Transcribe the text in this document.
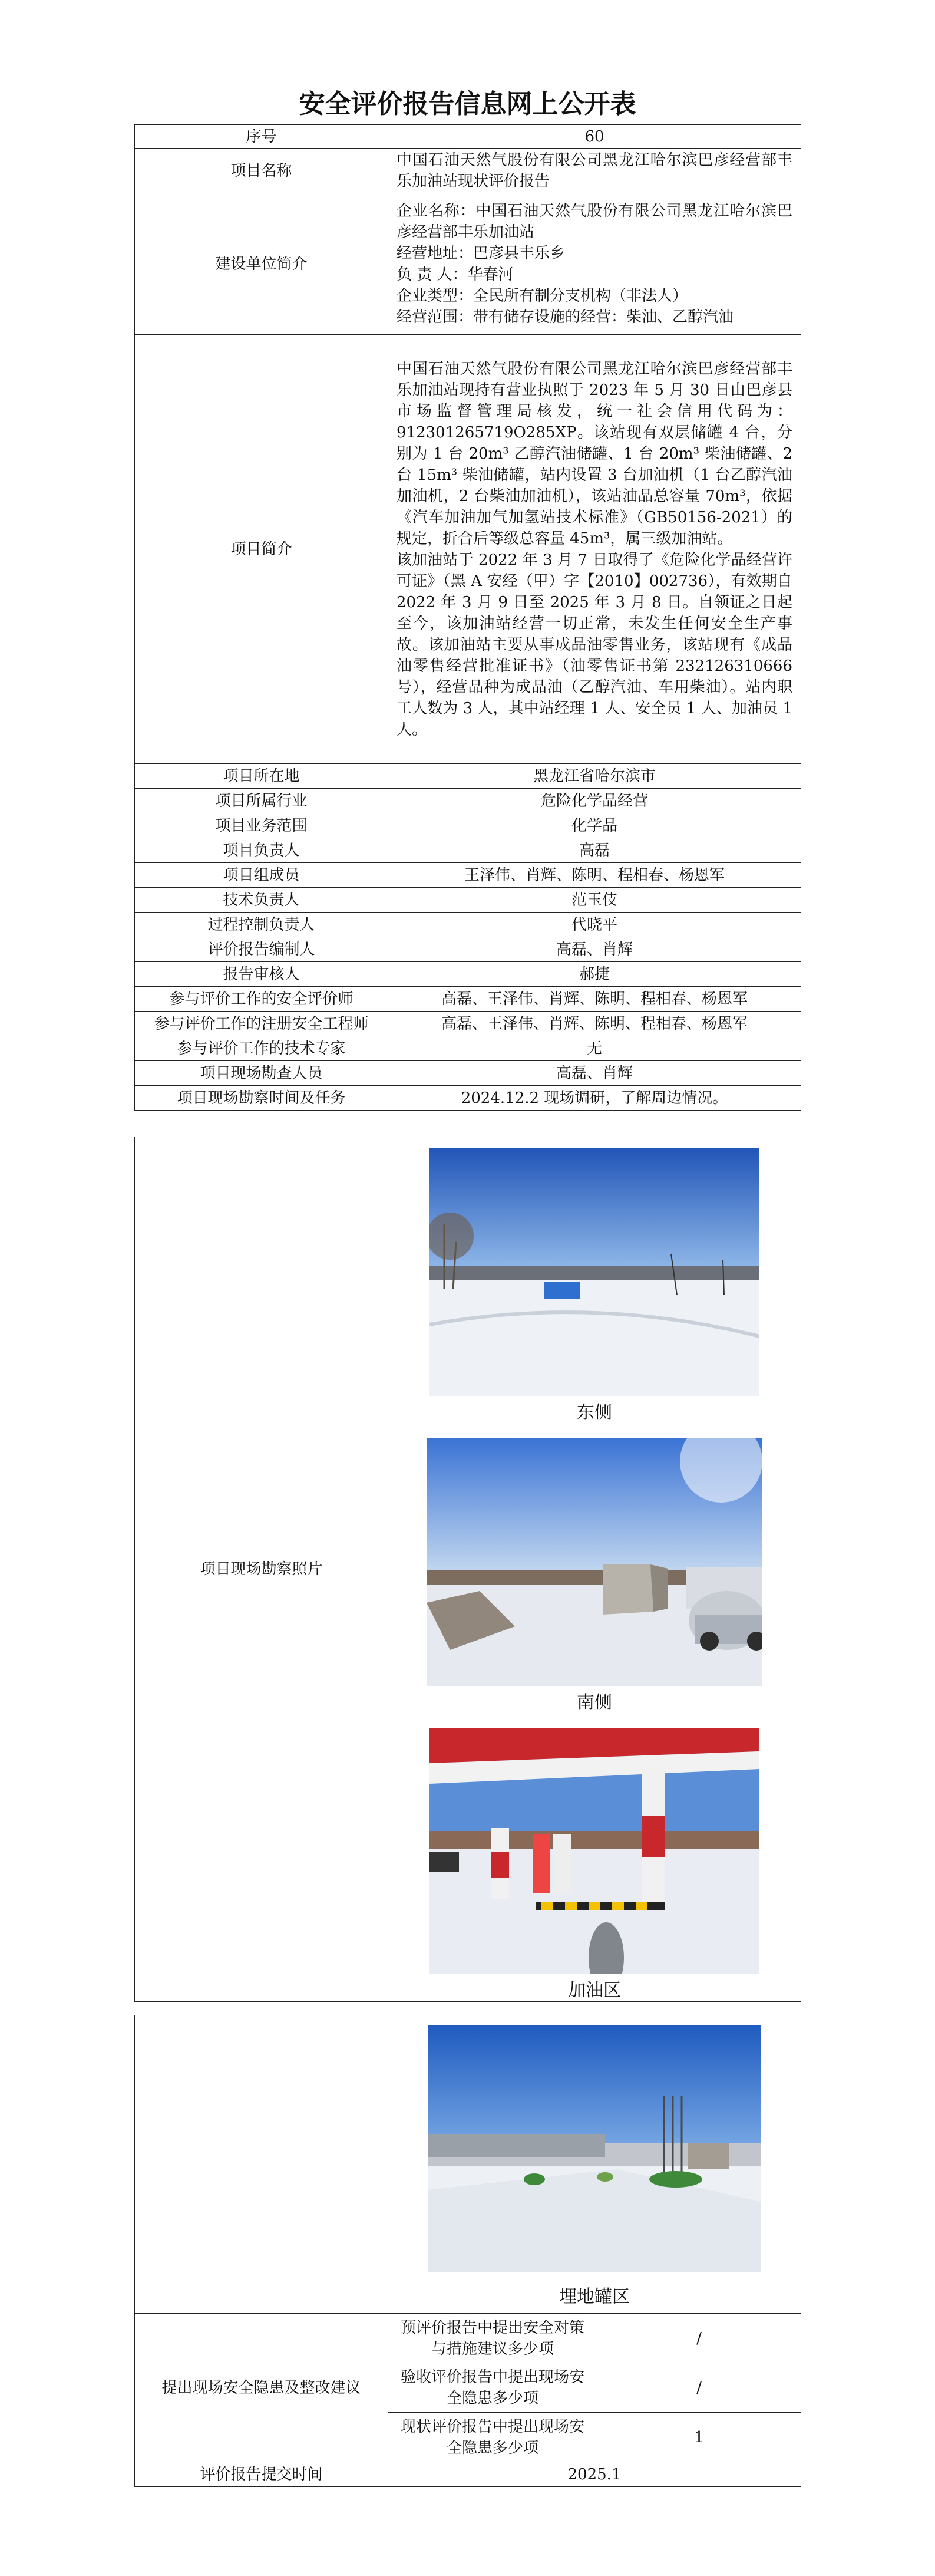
安全评价报告信息网上公开表
序号	60
项目名称	中国石油天然气股份有限公司黑龙江哈尔滨巴彦经营部丰乐加油站现状评价报告
建设单位简介	企业名称：中国石油天然气股份有限公司黑龙江哈尔滨巴彦经营部丰乐加油站
经营地址：巴彦县丰乐乡
负 责 人：华春河
企业类型：全民所有制分支机构（非法人）
经营范围：带有储存设施的经营：柴油、乙醇汽油

项目简介	中国石油天然气股份有限公司黑龙江哈尔滨巴彦经营部丰乐加油站现持有营业执照于 2023 年 5 月 30 日由巴彦县市场监督管理局核发，统一社会信用代码为：912301265719O285XP。该站现有双层储罐 4 台，分别为 1 台 20m³ 乙醇汽油储罐、1 台 20m³ 柴油储罐、2 台 15m³ 柴油储罐，站内设置 3 台加油机（1 台乙醇汽油加油机，2 台柴油加油机），该站油品总容量 70m³，依据《汽车加油加气加氢站技术标准》（GB50156-2021）的规定，折合后等级总容量 45m³，属三级加油站。
该加油站于 2022 年 3 月 7 日取得了《危险化学品经营许可证》（黑 A 安经（甲）字【2010】002736），有效期自 2022 年 3 月 9 日至 2025 年 3 月 8 日。自领证之日起至今，该加油站经营一切正常，未发生任何安全生产事故。该加油站主要从事成品油零售业务，该站现有《成品油零售经营批准证书》（油零售证书第 232126310666 号），经营品种为成品油（乙醇汽油、车用柴油）。站内职工人数为 3 人，其中站经理 1 人、安全员 1 人、加油员 1 人。

项目所在地	黑龙江省哈尔滨市
项目所属行业	危险化学品经营
项目业务范围	化学品
项目负责人	高磊
项目组成员	王泽伟、肖辉、陈明、程相春、杨恩军
技术负责人	范玉伎
过程控制负责人	代晓平
评价报告编制人	高磊、肖辉
报告审核人	郝捷
参与评价工作的安全评价师	高磊、王泽伟、肖辉、陈明、程相春、杨恩军
参与评价工作的注册安全工程师	高磊、王泽伟、肖辉、陈明、程相春、杨恩军
参与评价工作的技术专家	无
项目现场勘查人员	高磊、肖辉
项目现场勘察时间及任务	2024.12.2 现场调研，了解周边情况。
项目现场勘察照片	
东侧
南侧
加油区

	埋地罐区	

提出现场安全隐患及整改建议	预评价报告中提出安全对策与措施建议多少项	/
	验收评价报告中提出现场安全隐患多少项	/
	现状评价报告中提出现场安全隐患多少项	1
评价报告提交时间	2025.1	
